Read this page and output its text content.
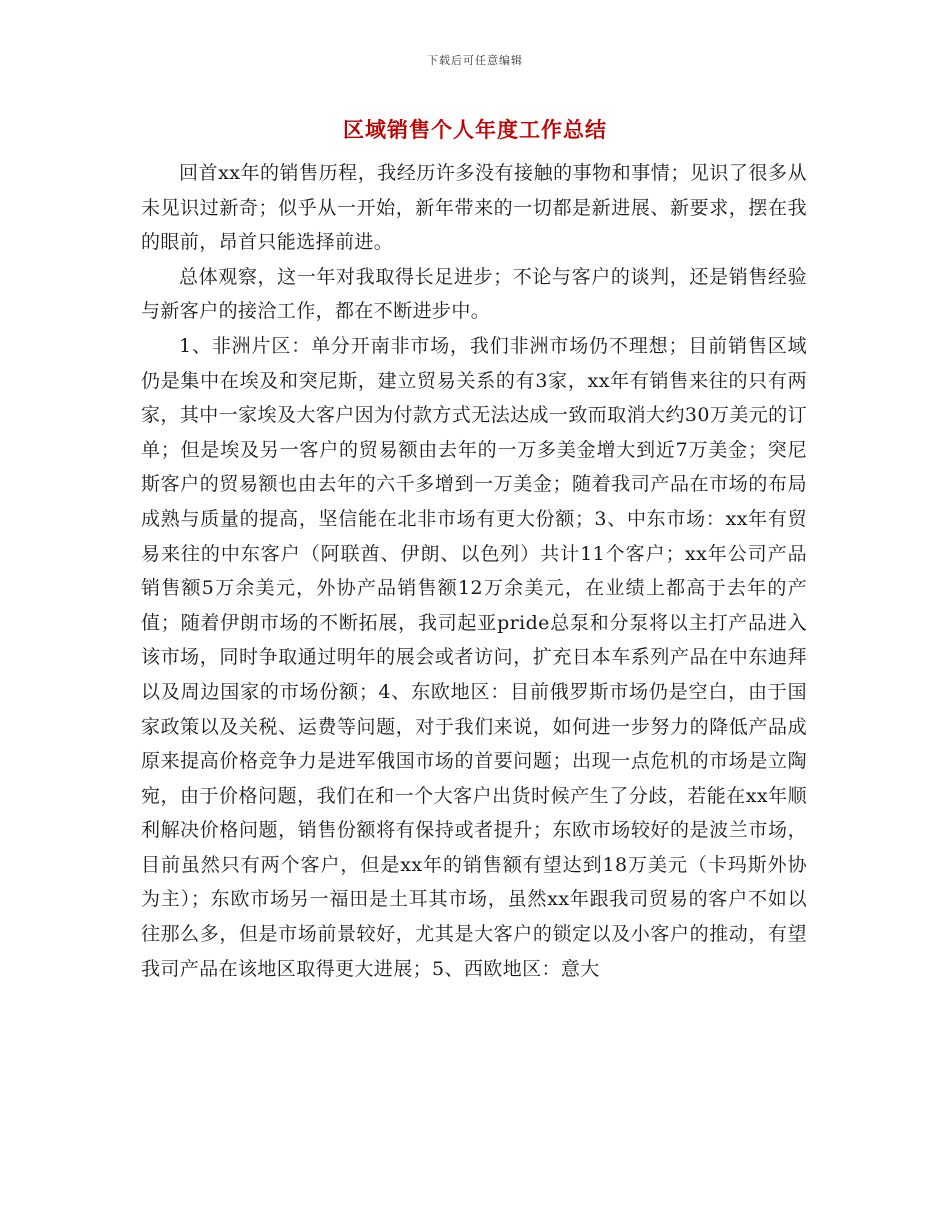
下载后可任意编辑
区域销售个人年度工作总结

回首xx年的销售历程，我经历许多没有接触的事物和事情；见识了很多从未见识过新奇；似乎从一开始，新年带来的一切都是新进展、新要求，摆在我的眼前，昂首只能选择前进。

总体观察，这一年对我取得长足进步；不论与客户的谈判，还是销售经验与新客户的接洽工作，都在不断进步中。

1、非洲片区：单分开南非市场，我们非洲市场仍不理想；目前销售区域仍是集中在埃及和突尼斯，建立贸易关系的有3家，xx年有销售来往的只有两家，其中一家埃及大客户因为付款方式无法达成一致而取消大约30万美元的订单；但是埃及另一客户的贸易额由去年的一万多美金增大到近7万美金；突尼斯客户的贸易额也由去年的六千多增到一万美金；随着我司产品在市场的布局成熟与质量的提高，坚信能在北非市场有更大份额；3、中东市场：xx年有贸易来往的中东客户（阿联酋、伊朗、以色列）共计11个客户；xx年公司产品销售额5万余美元，外协产品销售额12万余美元，在业绩上都高于去年的产值；随着伊朗市场的不断拓展，我司起亚pride总泵和分泵将以主打产品进入该市场，同时争取通过明年的展会或者访问，扩充日本车系列产品在中东迪拜以及周边国家的市场份额；4、东欧地区：目前俄罗斯市场仍是空白，由于国家政策以及关税、运费等问题，对于我们来说，如何进一步努力的降低产品成原来提高价格竞争力是进军俄国市场的首要问题；出现一点危机的市场是立陶宛，由于价格问题，我们在和一个大客户出货时候产生了分歧，若能在xx年顺利解决价格问题，销售份额将有保持或者提升；东欧市场较好的是波兰市场，目前虽然只有两个客户，但是xx年的销售额有望达到18万美元（卡玛斯外协为主）；东欧市场另一福田是土耳其市场，虽然xx年跟我司贸易的客户不如以往那么多，但是市场前景较好，尤其是大客户的锁定以及小客户的推动，有望我司产品在该地区取得更大进展；5、西欧地区：意大
